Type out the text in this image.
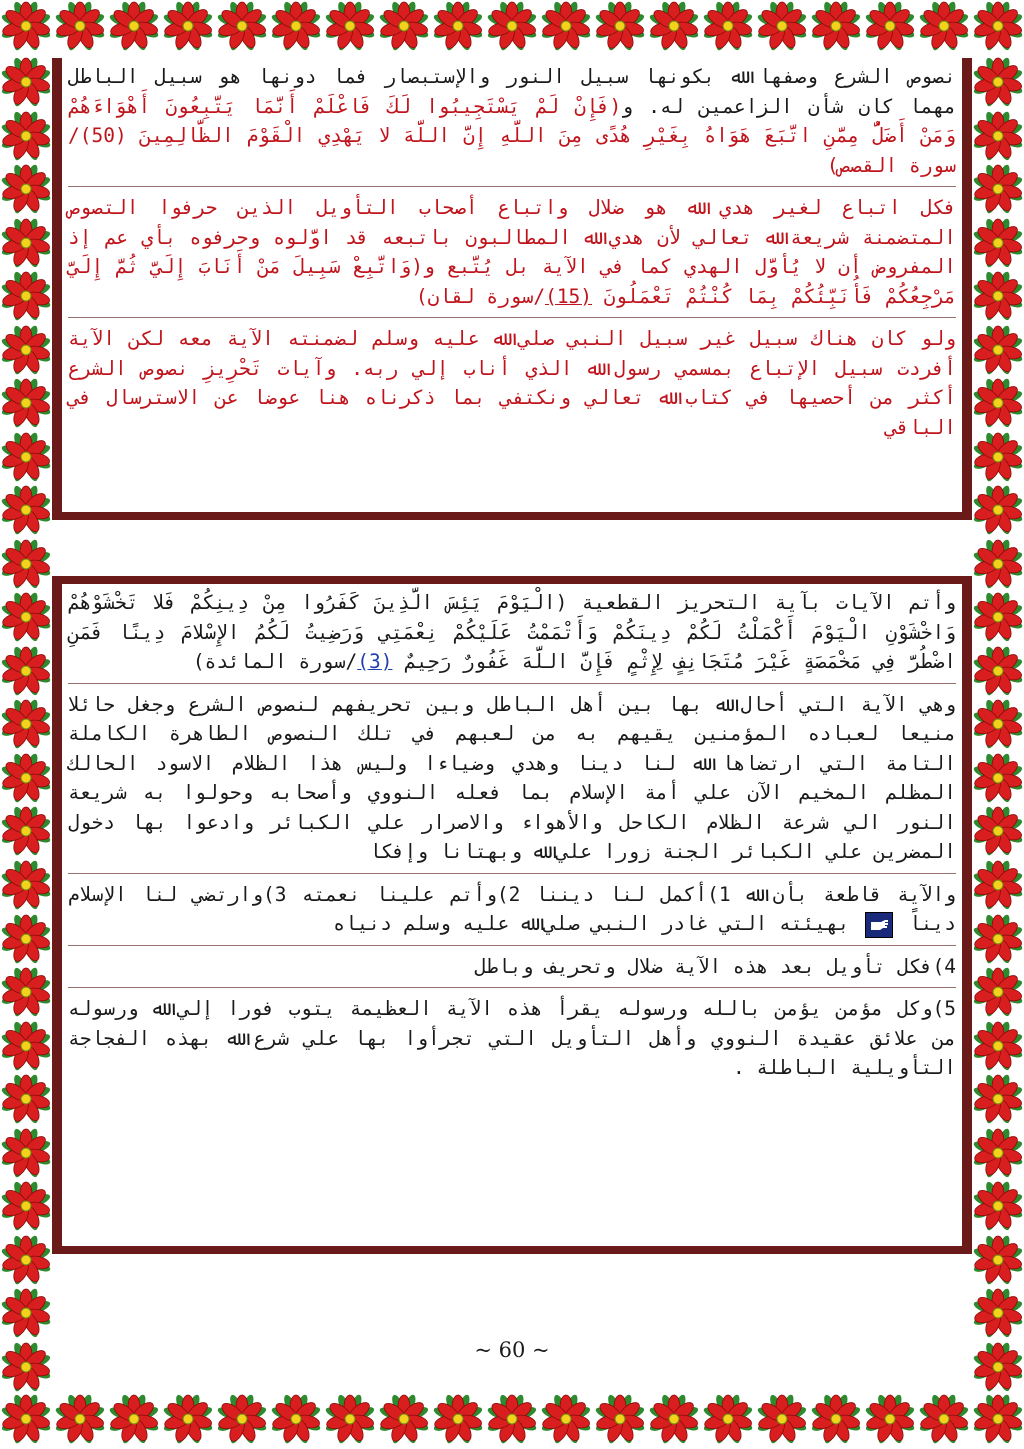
نصوص الشرع وصفها ﷲ بكونها سبيل النور والإستبصار فما دونها هو سبيل الباطل مهما كان شأن الزاعمين له. و(فَإِنْ لَمْ يَسْتَجِيبُوا لَكَ فَاعْلَمْ أَنَّمَا يَتَّبِعُونَ أَهْوَاءَهُمْ وَمَنْ أَضَلُّ مِمَّنِ اتَّبَعَ هَوَاهُ بِغَيْرِ هُدًى مِنَ اللَّهِ إِنَّ اللَّهَ لا يَهْدِي الْقَوْمَ الظَّالِمِينَ (50)/سورة القصص)

فكل اتباع لغير هدي ﷲ هو ضلال واتباع أصحاب التأويل الذين حرفوا التصوص المتضمنة شريعة ﷲ تعالي لأن هدي ﷲ المطالبون باتبعه قد اوَّلوه وحرفوه بأي عم إذ المفروض أن لا يُأوَّل الهدي كما في الآية بل يُتَّبع و(وَاتَّبِعْ سَبِيلَ مَنْ أَنَابَ إِلَيَّ ثُمَّ إِلَيَّ مَرْجِعُكُمْ فَأُنَبِّئُكُمْ بِمَا كُنْتُمْ تَعْمَلُونَ (15)/سورة لقان)

ولو كان هناك سبيل غير سبيل النبي صلي ﷲ عليه وسلم لضمنته الآية معه لكن الآية أفردت سبيل الإتباع بمسمي رسول ﷲ الذي أناب إلي ربه. وآيات تَحْرِيزِ نصوص الشرع أكثر من أحصيها في كتاب ﷲ تعالي ونكتفي بما ذكرناه هنا عوضا عن الاسترسال في الباقي

وأتم الآيات بآية التحريز القطعية (الْيَوْمَ يَئِسَ الَّذِينَ كَفَرُوا مِنْ دِينِكُمْ فَلا تَخْشَوْهُمْ وَاخْشَوْنِ الْيَوْمَ أَكْمَلْتُ لَكُمْ دِينَكُمْ وَأَتْمَمْتُ عَلَيْكُمْ نِعْمَتِي وَرَضِيتُ لَكُمُ الإِسْلامَ دِينًا فَمَنِ اضْطُرَّ فِي مَخْمَصَةٍ غَيْرَ مُتَجَانِفٍ لِإِثْمٍ فَإِنَّ اللَّهَ غَفُورٌ رَحِيمٌ (3)/سورة المائدة)

وهي الآية التي أحال ﷲ بها بين أهل الباطل وبين تحريفهم لنصوص الشرع وجغل حائلا منيعا لعباده المؤمنين يقيهم به من لعبهم في تلك النصوص الطاهرة الكاملة التامة التي ارتضاها ﷲ لنا دينا وهدي وضياءا وليس هذا الظلام الاسود الحالك المظلم المخيم الآن علي أمة الإسلام بما فعله النووي وأصحابه وحولوا به شريعة النور الي شرعة الظلام الكاحل والأهواء والاصرار علي الكبائر وادعوا بها دخول المضرين علي الكبائر الجنة زورا علي ﷲ وبهتانا وإفكا

والآية قاطعة بأن ﷲ 1)أكمل لنا ديننا 2)وأتم علينا نعمته 3)وارتضي لنا الإسلام ديناً
بهيئته التي غادر النبي صلي ﷲ عليه وسلم دنياه

4)فكل تأويل بعد هذه الآية ضلال وتحريف وباطل

5)وكل مؤمن يؤمن بالله ورسوله يقرأ هذه الآية العظيمة يتوب فورا إلي ﷲ ورسوله من علائق عقيدة النووي وأهل التأويل التي تجرأوا بها علي شرع ﷲ بهذه الفجاجة التأويلية الباطلة .

~ 60 ~
